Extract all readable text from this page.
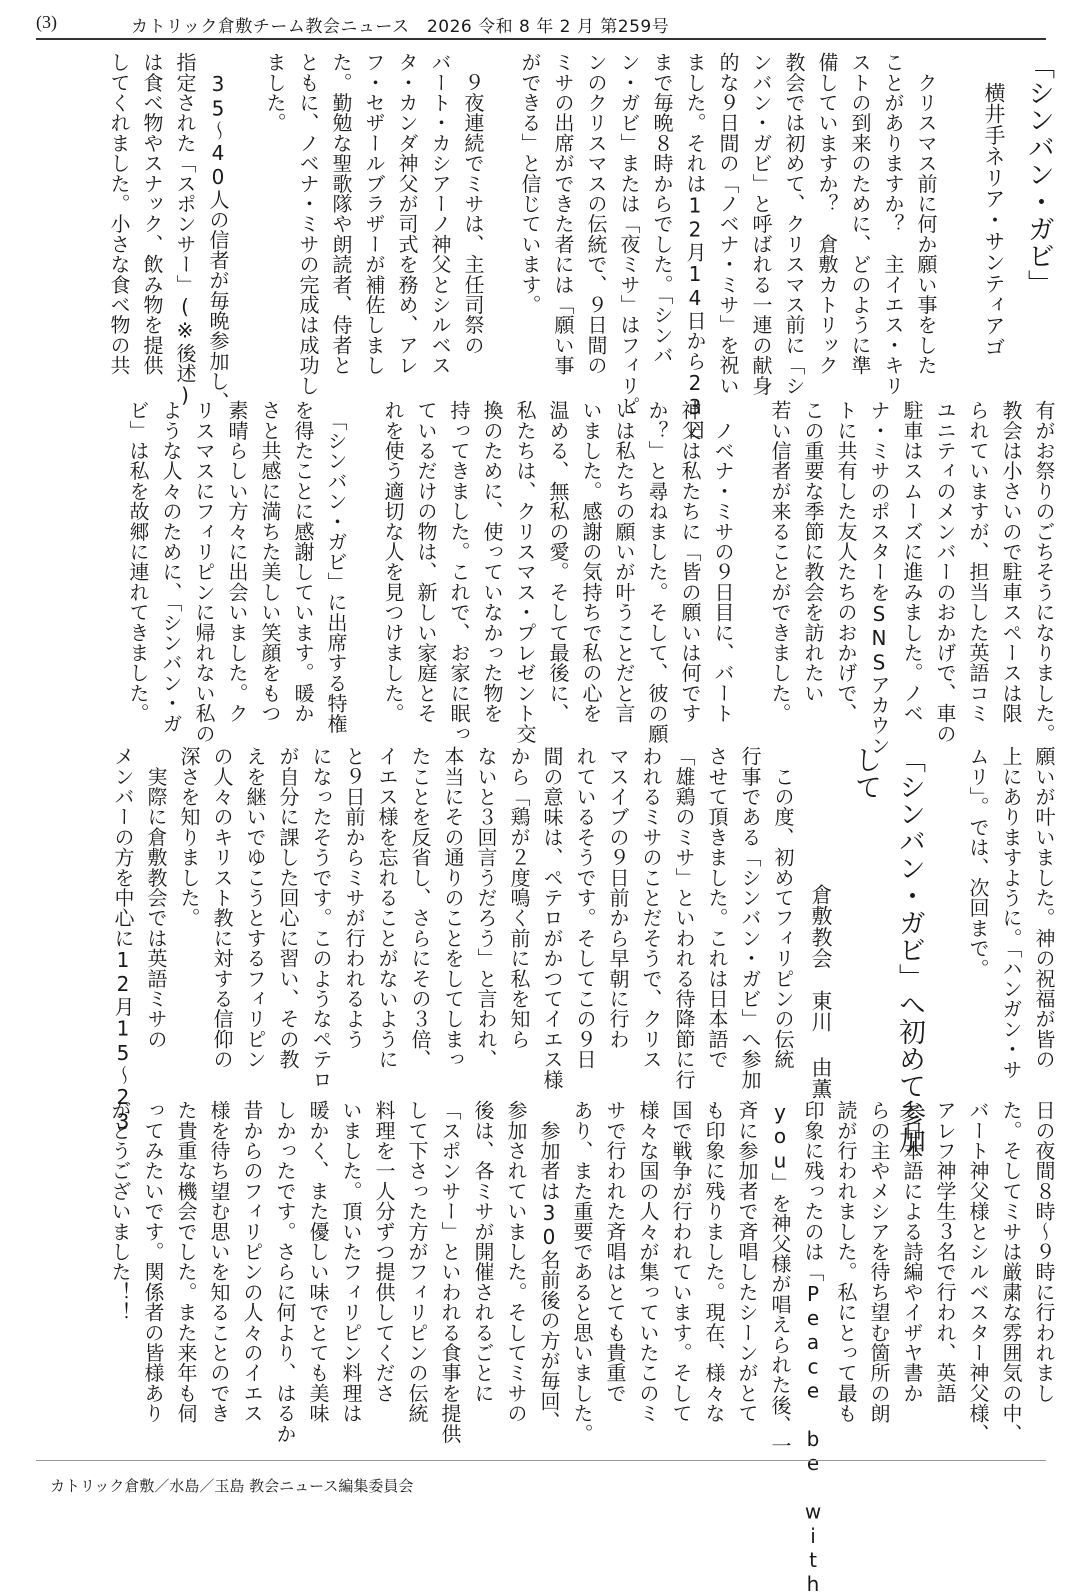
(3)	カトリック倉敷チーム教会ニュース　2026 令和 8 年 2 月 第259号
「シンバン・ガビ」
横井手ネリア・サンティアゴ
　クリスマス前に何か願い事をした
ことがありますか？　主イエス・キリ
ストの到来のために、どのように準
備していますか？　倉敷カトリック
教会では初めて、クリスマス前に「シ
ンバン・ガビ」と呼ばれる一連の献身
的な９日間の「ノベナ・ミサ」を祝い
ました。それは12月14日から23日
まで毎晩８時からでした。「シンバ
ン・ガビ」または「夜ミサ」はフィリピ
ンのクリスマスの伝統で、９日間の
ミサの出席ができた者には「願い事
ができる」と信じています。
　９夜連続でミサは、主任司祭の
バート・カシアーノ神父とシルベス
タ・カンダ神父が司式を務め、アレ
フ・セザールブラザーが補佐しまし
た。勤勉な聖歌隊や朗読者、侍者と
ともに、ノベナ・ミサの完成は成功し
ました。
　35～40人の信者が毎晩参加し、
指定された「スポンサー」(※後述)
は食べ物やスナック、飲み物を提供
してくれました。小さな食べ物の共
有がお祭りのごちそうになりました。
教会は小さいので駐車スペースは限
られていますが、担当した英語コミ
ユニティのメンバーのおかげで、車の
駐車はスムーズに進みました。ノベ
ナ・ミサのポスターをSNSアカウン
トに共有した友人たちのおかげで、
この重要な季節に教会を訪れたい
若い信者が来ることができました。
　ノベナ・ミサの９日目に、バート
神父は私たちに「皆の願いは何です
か？」と尋ねました。そして、彼の願
いは私たちの願いが叶うことだと言
いました。感謝の気持ちで私の心を
温める、無私の愛。そして最後に、
私たちは、クリスマス・プレゼント交
換のために、使っていなかった物を
持ってきました。これで、お家に眠っ
ているだけの物は、新しい家庭とそ
れを使う適切な人を見つけました。
　「シンバン・ガビ」に出席する特権
を得たことに感謝しています。暖か
さと共感に満ちた美しい笑顔をもつ
素晴らしい方々に出会いました。ク
リスマスにフィリピンに帰れない私の
ような人々のために、「シンバン・ガ
ビ」は私を故郷に連れてきました。
願いが叶いました。神の祝福が皆の
上にありますように。「ハンガン・サ
ムリ」。では、次回まで。
「シンバン・ガビ」へ初めて参加
して
倉敷教会　東川 由薫
　この度、初めてフィリピンの伝統
行事である「シンバン・ガビ」へ参加
させて頂きました。これは日本語で
「雄鶏のミサ」といわれる待降節に行
われるミサのことだそうで、クリス
マスイブの９日前から早朝に行わ
れているそうです。そしてこの９日
間の意味は、ペテロがかつてイエス様
から「鶏が２度鳴く前に私を知ら
ないと３回言うだろう」と言われ、
本当にその通りのことをしてしまっ
たことを反省し、さらにその３倍、
イエス様を忘れることがないように
と９日前からミサが行われるよう
になったそうです。このようなペテロ
が自分に課した回心に習い、その教
えを継いでゆこうとするフィリピン
の人々のキリスト教に対する信仰の
深さを知りました。
　実際に倉敷教会では英語ミサの
メンバーの方を中心に12月15～23
日の夜間８時～９時に行われまし
た。そしてミサは厳粛な雰囲気の中、
バート神父様とシルベスター神父様、
アレフ神学生３名で行われ、英語
と日本語による詩編やイザヤ書か
らの主やメシアを待ち望む箇所の朗
読が行われました。私にとって最も
印象に残ったのは「Peace be with
you」を神父様が唱えられた後、一
斉に参加者で斉唱したシーンがとて
も印象に残りました。現在、様々な
国で戦争が行われています。そして
様々な国の人々が集っていたこのミ
サで行われた斉唱はとても貴重で
あり、また重要であると思いました。
　参加者は30名前後の方が毎回、
参加されていました。そしてミサの
後は、各ミサが開催されるごとに
「スポンサー」といわれる食事を提供
して下さった方がフィリピンの伝統
料理を一人分ずつ提供してくださ
いました。頂いたフィリピン料理は
暖かく、また優しい味でとても美味
しかったです。さらに何より、はるか
昔からのフィリピンの人々のイエス
様を待ち望む思いを知ることのでき
た貴重な機会でした。また来年も伺
ってみたいです。関係者の皆様あり
がとうございました！！
カトリック倉敷／水島／玉島 教会ニュース編集委員会
